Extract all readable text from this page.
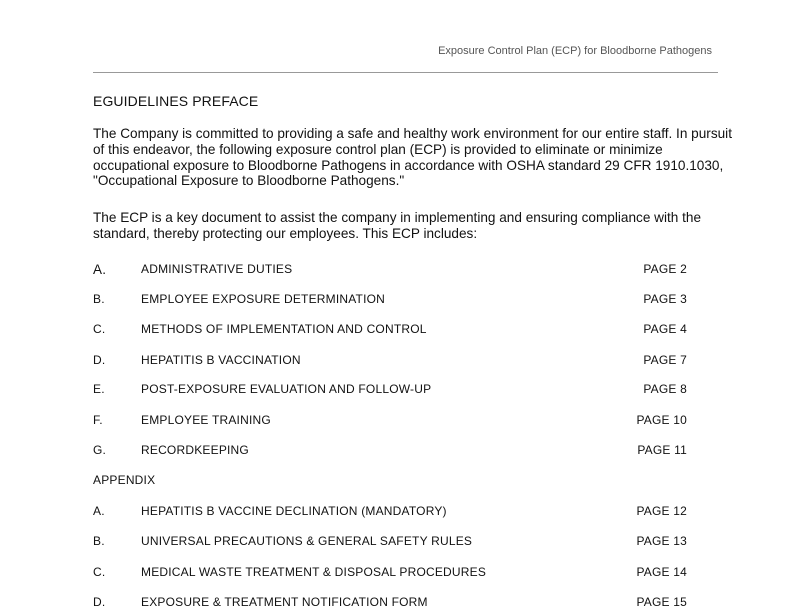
Exposure Control Plan (ECP) for Bloodborne Pathogens
EGUIDELINES PREFACE

The Company is committed to providing a safe and healthy work environment for our entire staff. In pursuit of this endeavor, the following exposure control plan (ECP) is provided to eliminate or minimize occupational exposure to Bloodborne Pathogens in accordance with OSHA standard 29 CFR 1910.1030, "Occupational Exposure to Bloodborne Pathogens."

The ECP is a key document to assist the company in implementing and ensuring compliance with the standard, thereby protecting our employees. This ECP includes:

A.	ADMINISTRATIVE DUTIES	PAGE 2
B.	EMPLOYEE EXPOSURE DETERMINATION	PAGE 3
C.	METHODS OF IMPLEMENTATION AND CONTROL	PAGE 4
D.	HEPATITIS B VACCINATION	PAGE 7
E.	POST-EXPOSURE EVALUATION AND FOLLOW-UP	PAGE 8
F.	EMPLOYEE TRAINING	PAGE 10
G.	RECORDKEEPING	PAGE 11
APPENDIX
A.	HEPATITIS B VACCINE DECLINATION (MANDATORY)	PAGE 12
B.	UNIVERSAL PRECAUTIONS & GENERAL SAFETY RULES	PAGE 13
C.	MEDICAL WASTE TREATMENT & DISPOSAL PROCEDURES	PAGE 14
D.	EXPOSURE & TREATMENT NOTIFICATION FORM	PAGE 15
